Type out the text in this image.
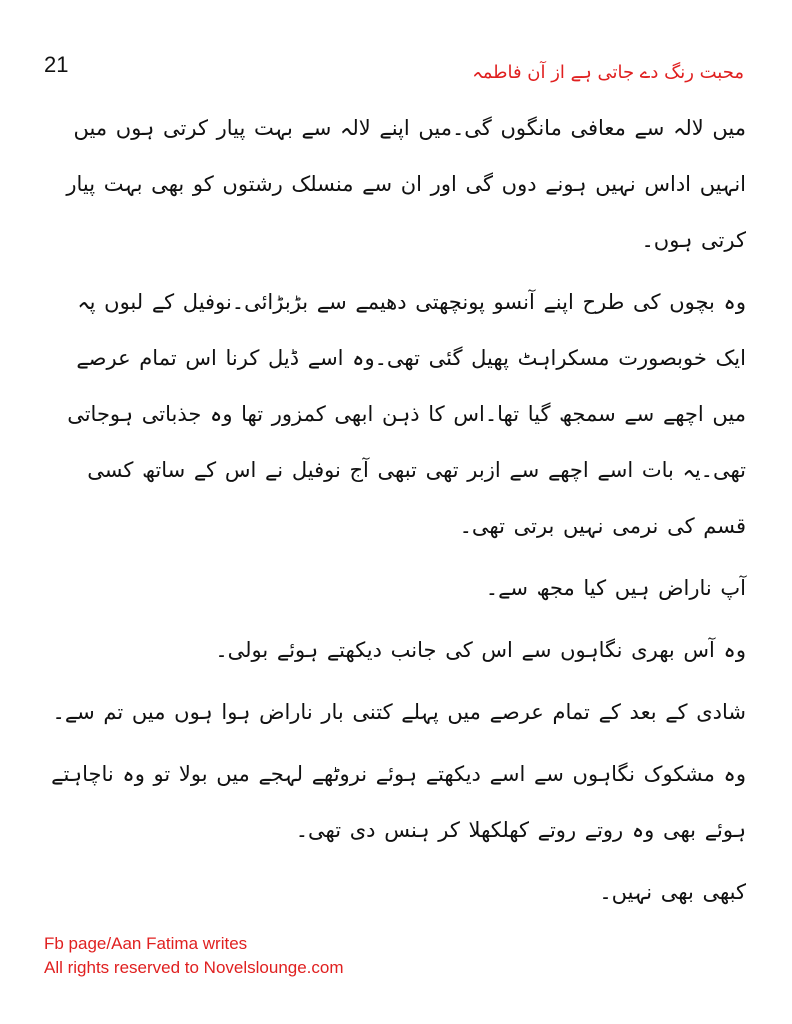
21	محبت رنگ دے جاتی ہے از آن فاطمہ

میں لالہ سے معافی مانگوں گی۔میں اپنے لالہ سے بہت پیار کرتی ہوں میں انہیں اداس نہیں ہونے دوں گی اور ان سے منسلک رشتوں کو بھی بہت پیار کرتی ہوں۔

وہ بچوں کی طرح اپنے آنسو پونچھتی دھیمے سے بڑبڑائی۔نوفیل کے لبوں پہ ایک خوبصورت مسکراہٹ پھیل گئی تھی۔وہ اسے ڈیل کرنا اس تمام عرصے میں اچھے سے سمجھ گیا تھا۔اس کا ذہن ابھی کمزور تھا وہ جذباتی ہوجاتی تھی۔یہ بات اسے اچھے سے ازبر تھی تبھی آج نوفیل نے اس کے ساتھ کسی قسم کی نرمی نہیں برتی تھی۔

آپ ناراض ہیں کیا مجھ سے۔

وہ آس بھری نگاہوں سے اس کی جانب دیکھتے ہوئے بولی۔

شادی کے بعد کے تمام عرصے میں پہلے کتنی بار ناراض ہوا ہوں میں تم سے۔

وہ مشکوک نگاہوں سے اسے دیکھتے ہوئے نروٹھے لہجے میں بولا تو وہ ناچاہتے ہوئے بھی وہ روتے روتے کھلکھلا کر ہنس دی تھی۔

کبھی بھی نہیں۔

Fb page/Aan Fatima writes
All rights reserved to Novelslounge.com
